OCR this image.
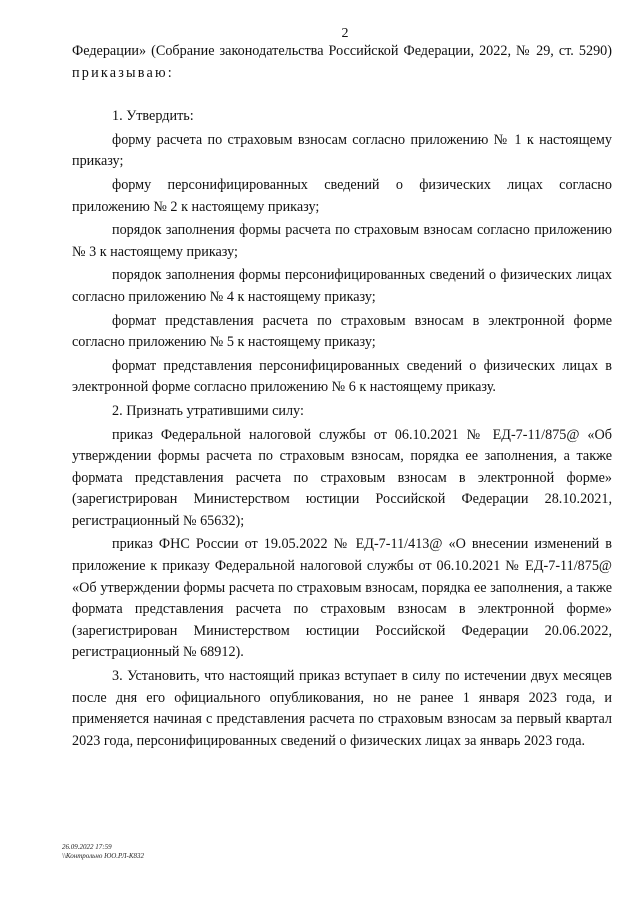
2

Федерации» (Собрание законодательства Российской Федерации, 2022, № 29, ст. 5290) приказываю:

1. Утвердить:

форму расчета по страховым взносам согласно приложению № 1 к настоящему приказу;

форму персонифицированных сведений о физических лицах согласно приложению № 2 к настоящему приказу;

порядок заполнения формы расчета по страховым взносам согласно приложению № 3 к настоящему приказу;

порядок заполнения формы персонифицированных сведений о физических лицах согласно приложению № 4 к настоящему приказу;

формат представления расчета по страховым взносам в электронной форме согласно приложению № 5 к настоящему приказу;

формат представления персонифицированных сведений о физических лицах в электронной форме согласно приложению № 6 к настоящему приказу.

2. Признать утратившими силу:

приказ Федеральной налоговой службы от 06.10.2021 № ЕД-7-11/875@ «Об утверждении формы расчета по страховым взносам, порядка ее заполнения, а также формата представления расчета по страховым взносам в электронной форме» (зарегистрирован Министерством юстиции Российской Федерации 28.10.2021, регистрационный № 65632);

приказ ФНС России от 19.05.2022 № ЕД-7-11/413@ «О внесении изменений в приложение к приказу Федеральной налоговой службы от 06.10.2021 № ЕД-7-11/875@ «Об утверждении формы расчета по страховым взносам, порядка ее заполнения, а также формата представления расчета по страховым взносам в электронной форме» (зарегистрирован Министерством юстиции Российской Федерации 20.06.2022, регистрационный № 68912).

3. Установить, что настоящий приказ вступает в силу по истечении двух месяцев после дня его официального опубликования, но не ранее 1 января 2023 года, и применяется начиная с представления расчета по страховым взносам за первый квартал 2023 года, персонифицированных сведений о физических лицах за январь 2023 года.

26.09.2022 17:59
\\Контрольно ЮО.РЛ-К832
